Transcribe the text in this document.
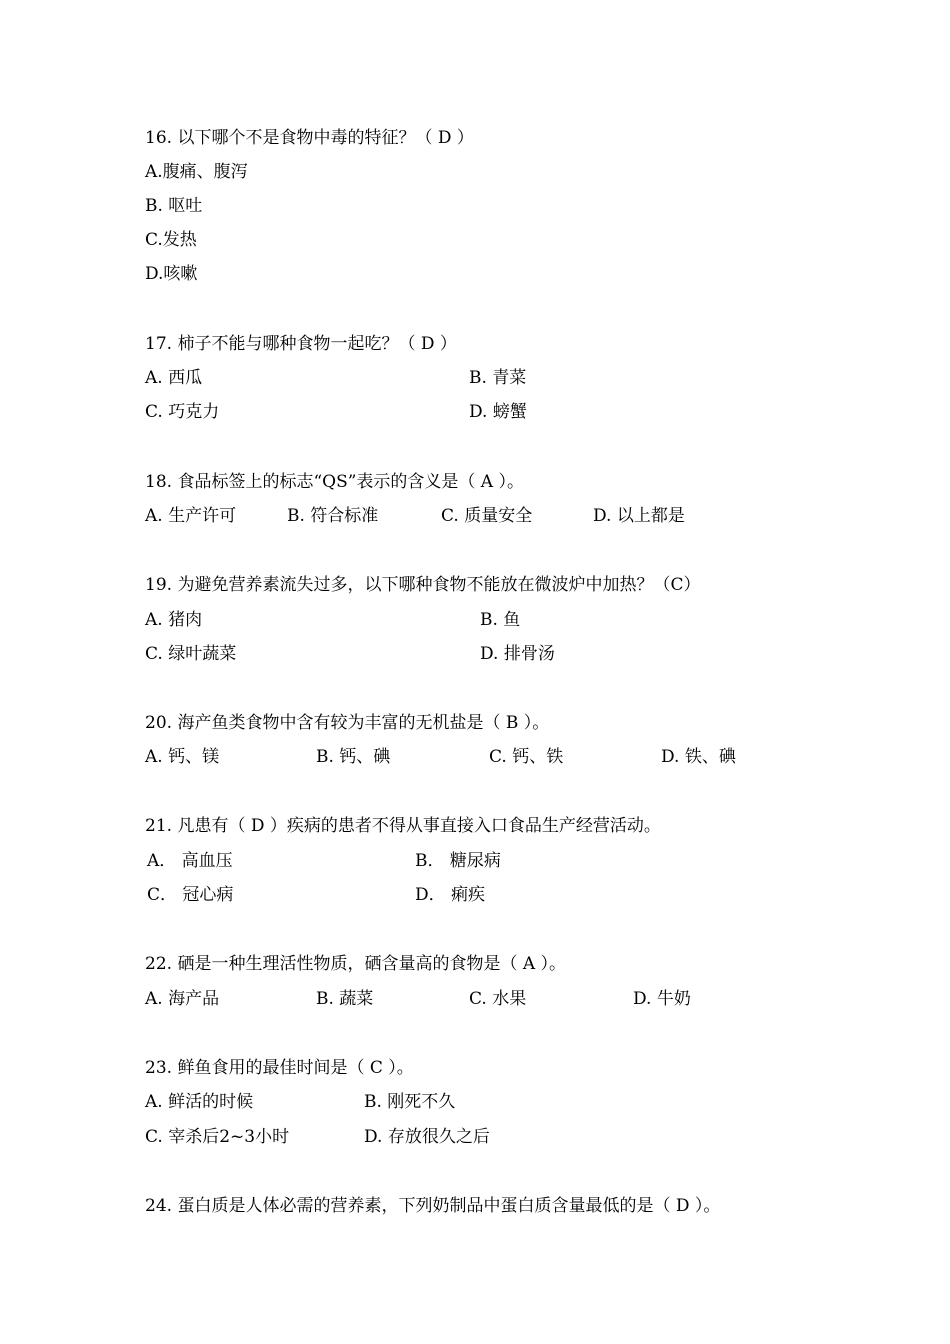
16. 以下哪个不是食物中毒的特征？（ D ）
A.腹痛、腹泻
B. 呕吐
C.发热
D.咳嗽
17. 柿子不能与哪种食物一起吃？（ D ）
A. 西瓜	B. 青菜
C. 巧克力	D. 螃蟹
18. 食品标签上的标志“QS”表示的含义是（ A ）。
A. 生产许可	B. 符合标准	C. 质量安全	D. 以上都是
19. 为避免营养素流失过多，以下哪种食物不能放在微波炉中加热？（C）
A. 猪肉	B. 鱼
C. 绿叶蔬菜	D. 排骨汤
20. 海产鱼类食物中含有较为丰富的无机盐是（ B ）。
A. 钙、镁	B. 钙、碘	C. 钙、铁	D. 铁、碘
21. 凡患有（ D ）疾病的患者不得从事直接入口食品生产经营活动。
A． 高血压	B． 糖尿病
C． 冠心病	D． 痢疾
22. 硒是一种生理活性物质，硒含量高的食物是（ A ）。
A. 海产品	B. 蔬菜	C. 水果	D. 牛奶
23. 鲜鱼食用的最佳时间是（ C ）。
A. 鲜活的时候	B. 刚死不久
C. 宰杀后2~3小时	D. 存放很久之后
24. 蛋白质是人体必需的营养素，下列奶制品中蛋白质含量最低的是（ D ）。
